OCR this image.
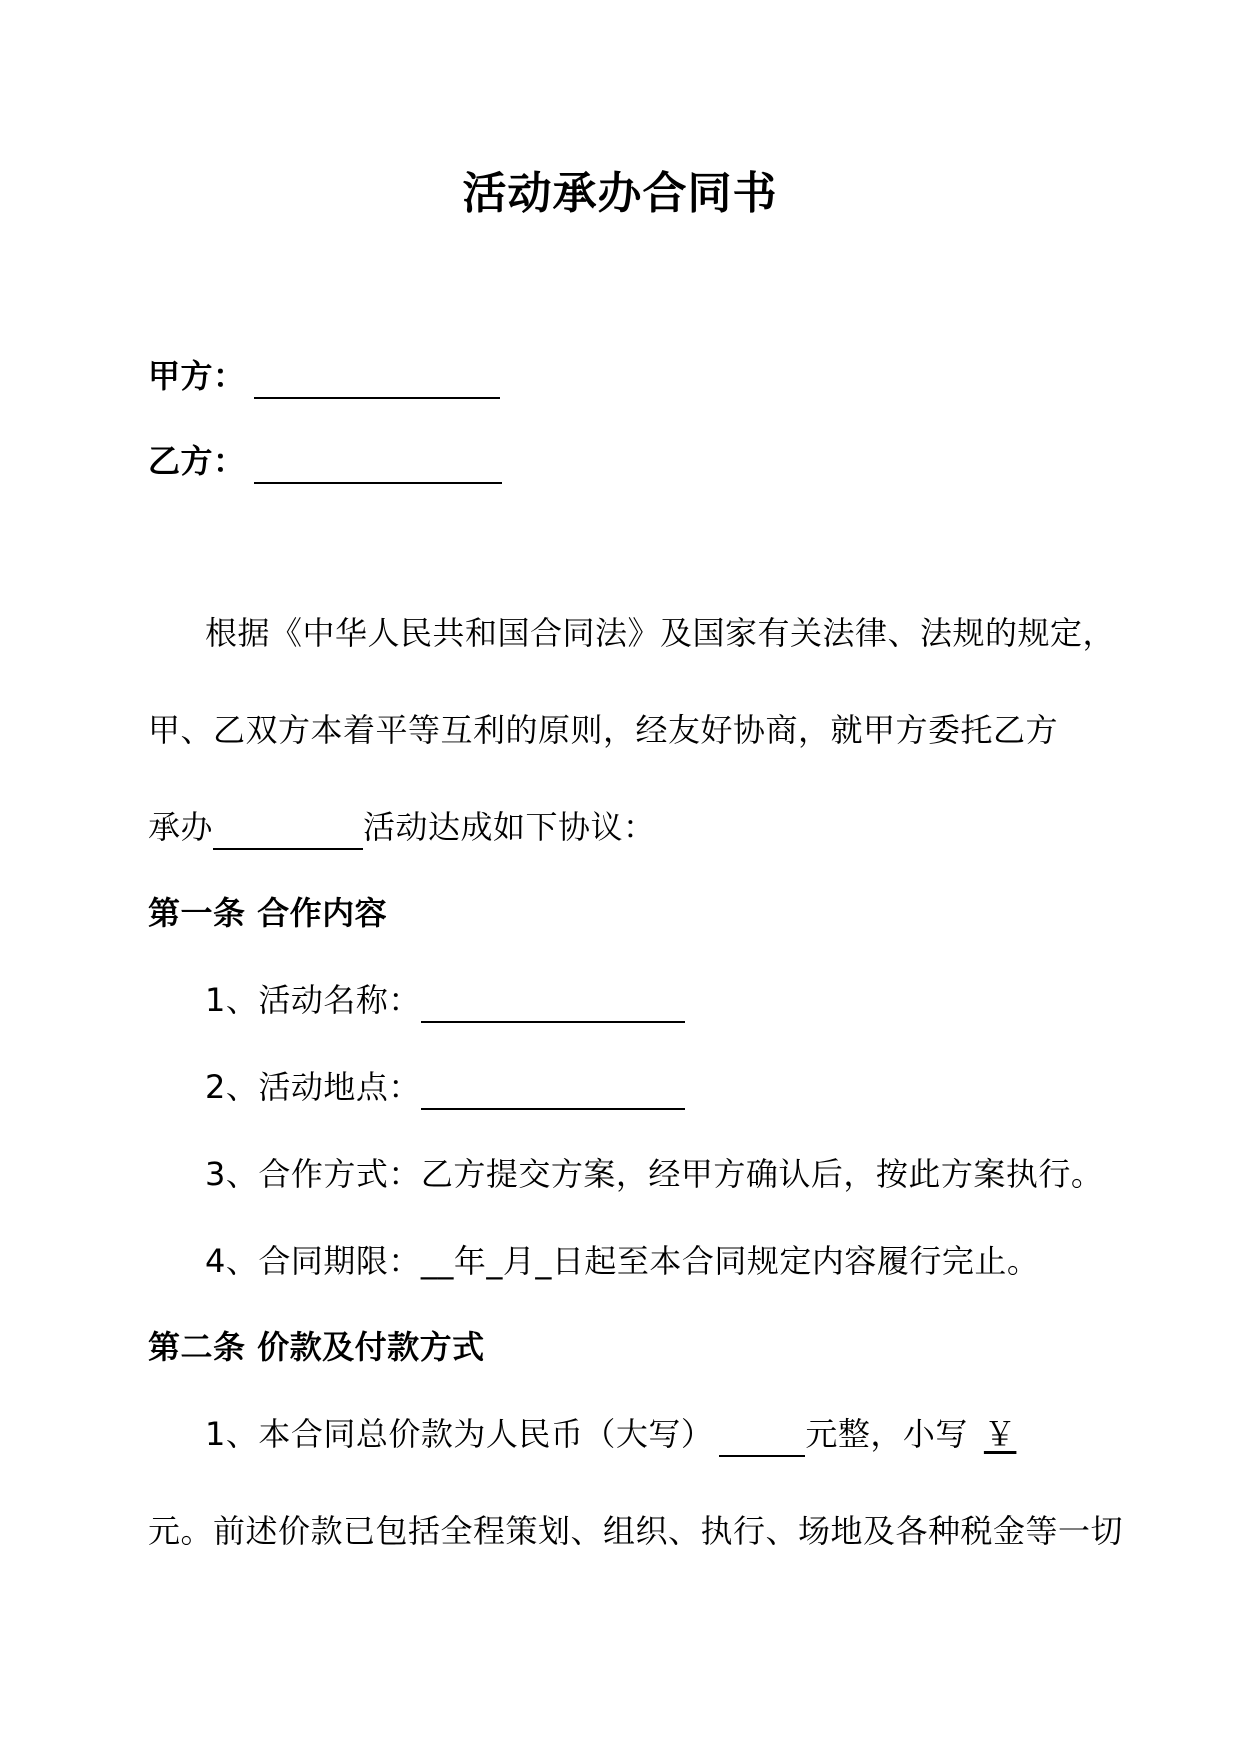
活动承办合同书
甲方：
乙方：
根据《中华人民共和国合同法》及国家有关法律、法规的规定，
甲、乙双方本着平等互利的原则，经友好协商，就甲方委托乙方
承办	活动达成如下协议：
第一条 合作内容
1、活动名称：
2、活动地点：
3、合作方式：乙方提交方案，经甲方确认后，按此方案执行。
4、合同期限：__年_月_日起至本合同规定内容履行完止。
第二条 价款及付款方式
1、本合同总价款为人民币（大写）	元整，小写 ￥
元。前述价款已包括全程策划、组织、执行、场地及各种税金等一切
